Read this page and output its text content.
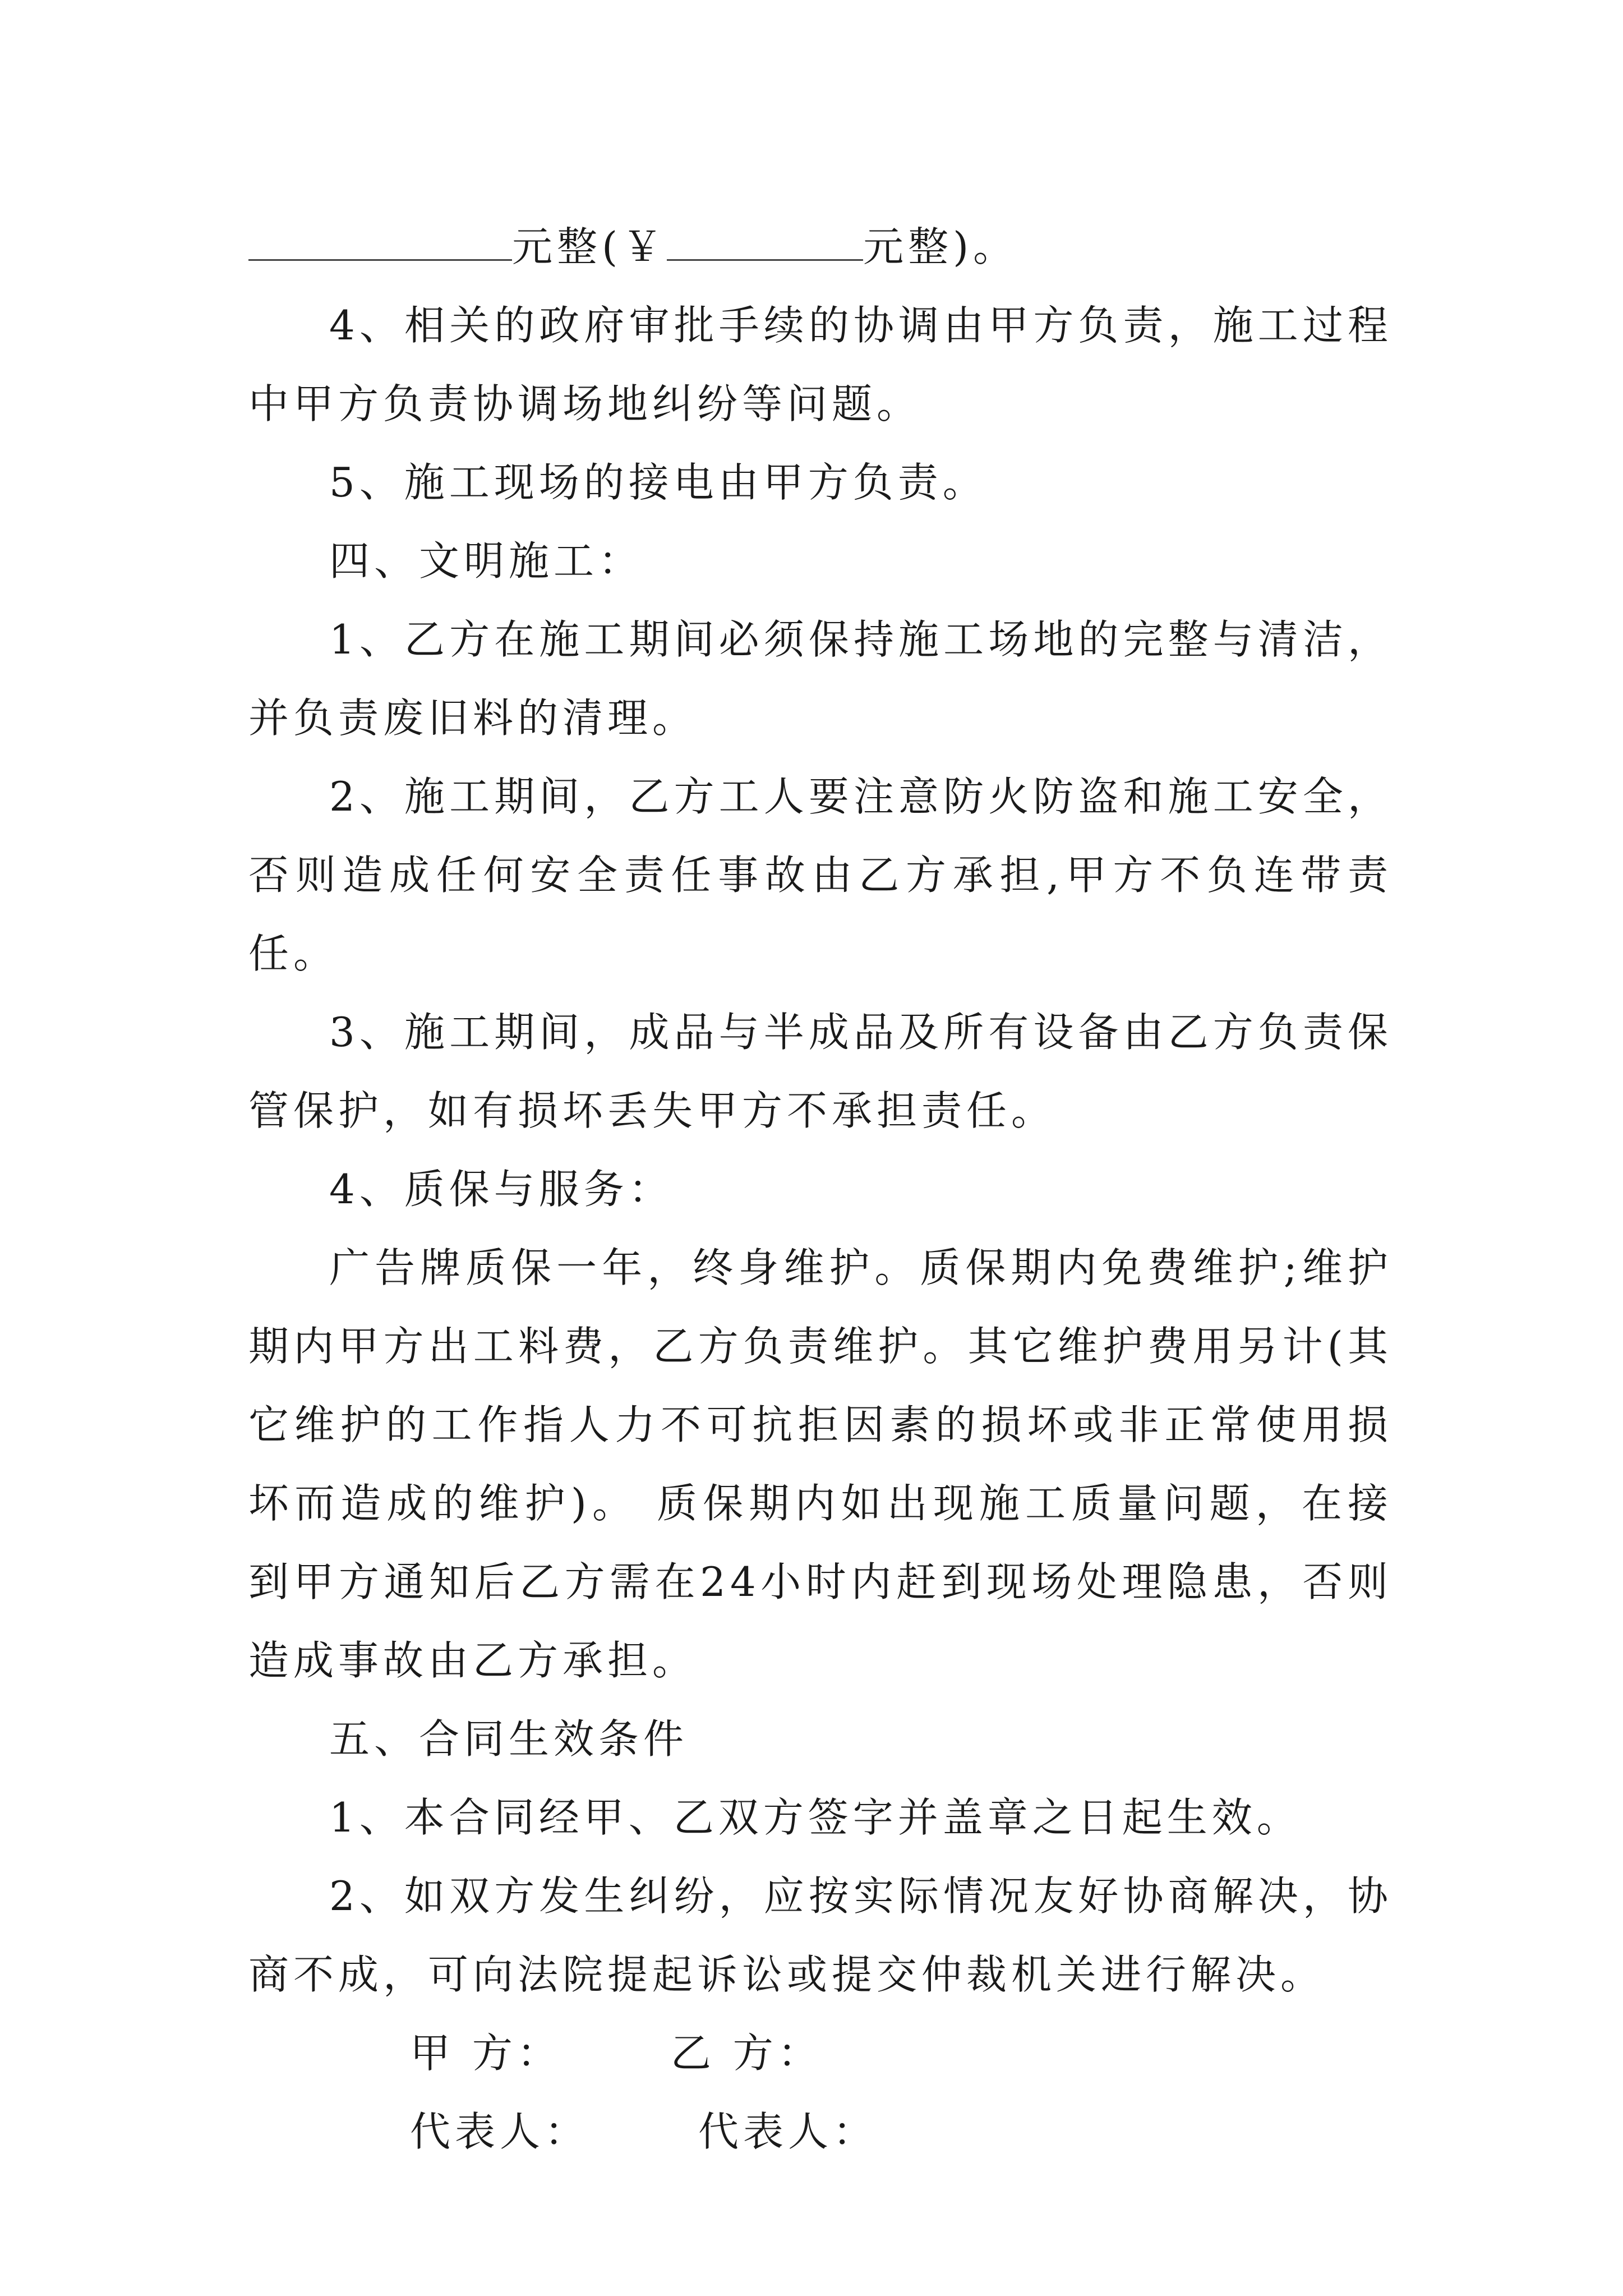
元整(￥	元整)。

4、相关的政府审批手续的协调由甲方负责，施工过程中甲方负责协调场地纠纷等问题。

5、施工现场的接电由甲方负责。

四、文明施工：

1、乙方在施工期间必须保持施工场地的完整与清洁，并负责废旧料的清理。

2、施工期间，乙方工人要注意防火防盗和施工安全，否则造成任何安全责任事故由乙方承担,甲方不负连带责任。

3、施工期间，成品与半成品及所有设备由乙方负责保管保护，如有损坏丢失甲方不承担责任。

4、质保与服务：

广告牌质保一年，终身维护。质保期内免费维护;维护期内甲方出工料费，乙方负责维护。其它维护费用另计(其它维护的工作指人力不可抗拒因素的损坏或非正常使用损坏而造成的维护)。 质保期内如出现施工质量问题，在接到甲方通知后乙方需在24小时内赶到现场处理隐患，否则造成事故由乙方承担。

五、合同生效条件

1、本合同经甲、乙双方签字并盖章之日起生效。

2、如双方发生纠纷，应按实际情况友好协商解决，协商不成，可向法院提起诉讼或提交仲裁机关进行解决。

甲 方：	乙 方：

代表人：	代表人：
